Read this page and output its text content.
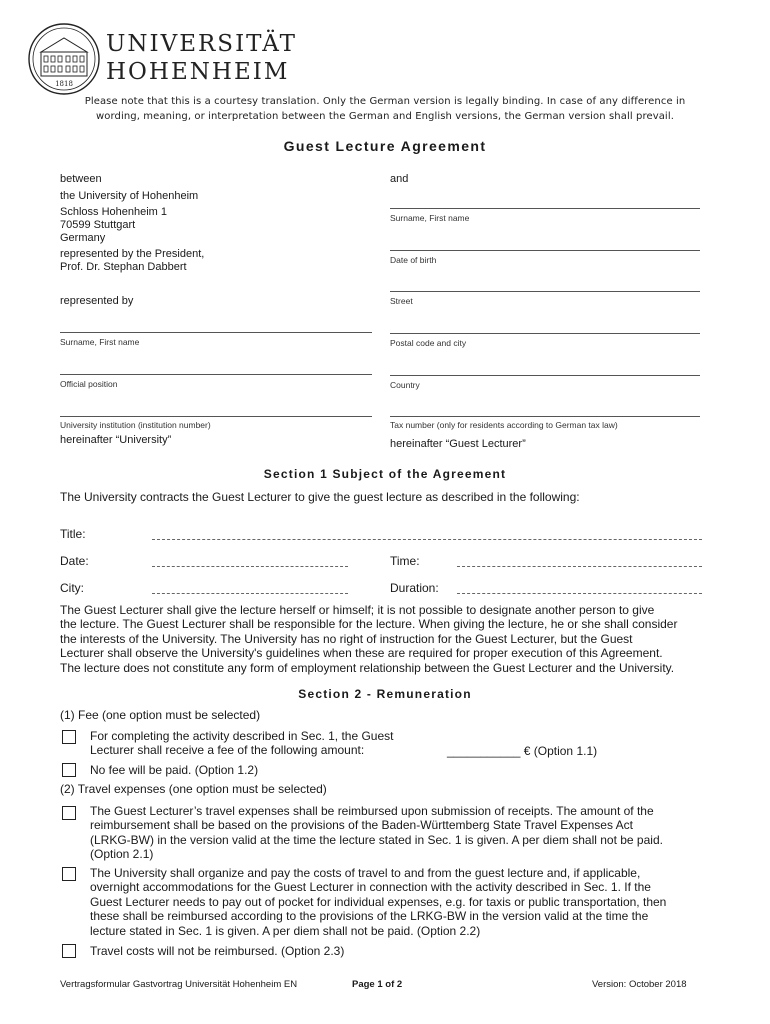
1818
UNIVERSITÄT
HOHENHEIM
Please note that this is a courtesy translation. Only the German version is legally binding. In case of any difference in wording, meaning, or interpretation between the German and English versions, the German version shall prevail.
Guest Lecture Agreement
between
the University of Hohenheim
Schloss Hohenheim 1
70599 Stuttgart
Germany
represented by the President,
Prof. Dr. Stephan Dabbert
represented by
Surname, First name
Official position
University institution (institution number)
hereinafter “University”
and
Surname, First name
Date of birth
Street
Postal code and city
Country
Tax number (only for residents according to German tax law)
hereinafter “Guest Lecturer”
Section 1 Subject of the Agreement
The University contracts the Guest Lecturer to give the guest lecture as described in the following:
Title:
Date:	Time:
City:	Duration:
The Guest Lecturer shall give the lecture herself or himself; it is not possible to designate another person to give
the lecture. The Guest Lecturer shall be responsible for the lecture. When giving the lecture, he or she shall consider
the interests of the University. The University has no right of instruction for the Guest Lecturer, but the Guest
Lecturer shall observe the University's guidelines when these are required for proper execution of this Agreement.
The lecture does not constitute any form of employment relationship between the Guest Lecturer and the University.
Section 2 - Remuneration
(1) Fee (one option must be selected)
For completing the activity described in Sec. 1, the Guest
Lecturer shall receive a fee of the following amount:	___________ € (Option 1.1)
No fee will be paid. (Option 1.2)
(2) Travel expenses (one option must be selected)
The Guest Lecturer’s travel expenses shall be reimbursed upon submission of receipts. The amount of the
reimbursement shall be based on the provisions of the Baden-Württemberg State Travel Expenses Act
(LRKG-BW) in the version valid at the time the lecture stated in Sec. 1 is given. A per diem shall not be paid.
(Option 2.1)
The University shall organize and pay the costs of travel to and from the guest lecture and, if applicable,
overnight accommodations for the Guest Lecturer in connection with the activity described in Sec. 1. If the
Guest Lecturer needs to pay out of pocket for individual expenses, e.g. for taxis or public transportation, then
these shall be reimbursed according to the provisions of the LRKG-BW in the version valid at the time the
lecture stated in Sec. 1 is given. A per diem shall not be paid. (Option 2.2)
Travel costs will not be reimbursed. (Option 2.3)
Vertragsformular Gastvortrag Universität Hohenheim EN	Page 1 of 2	Version: October 2018
